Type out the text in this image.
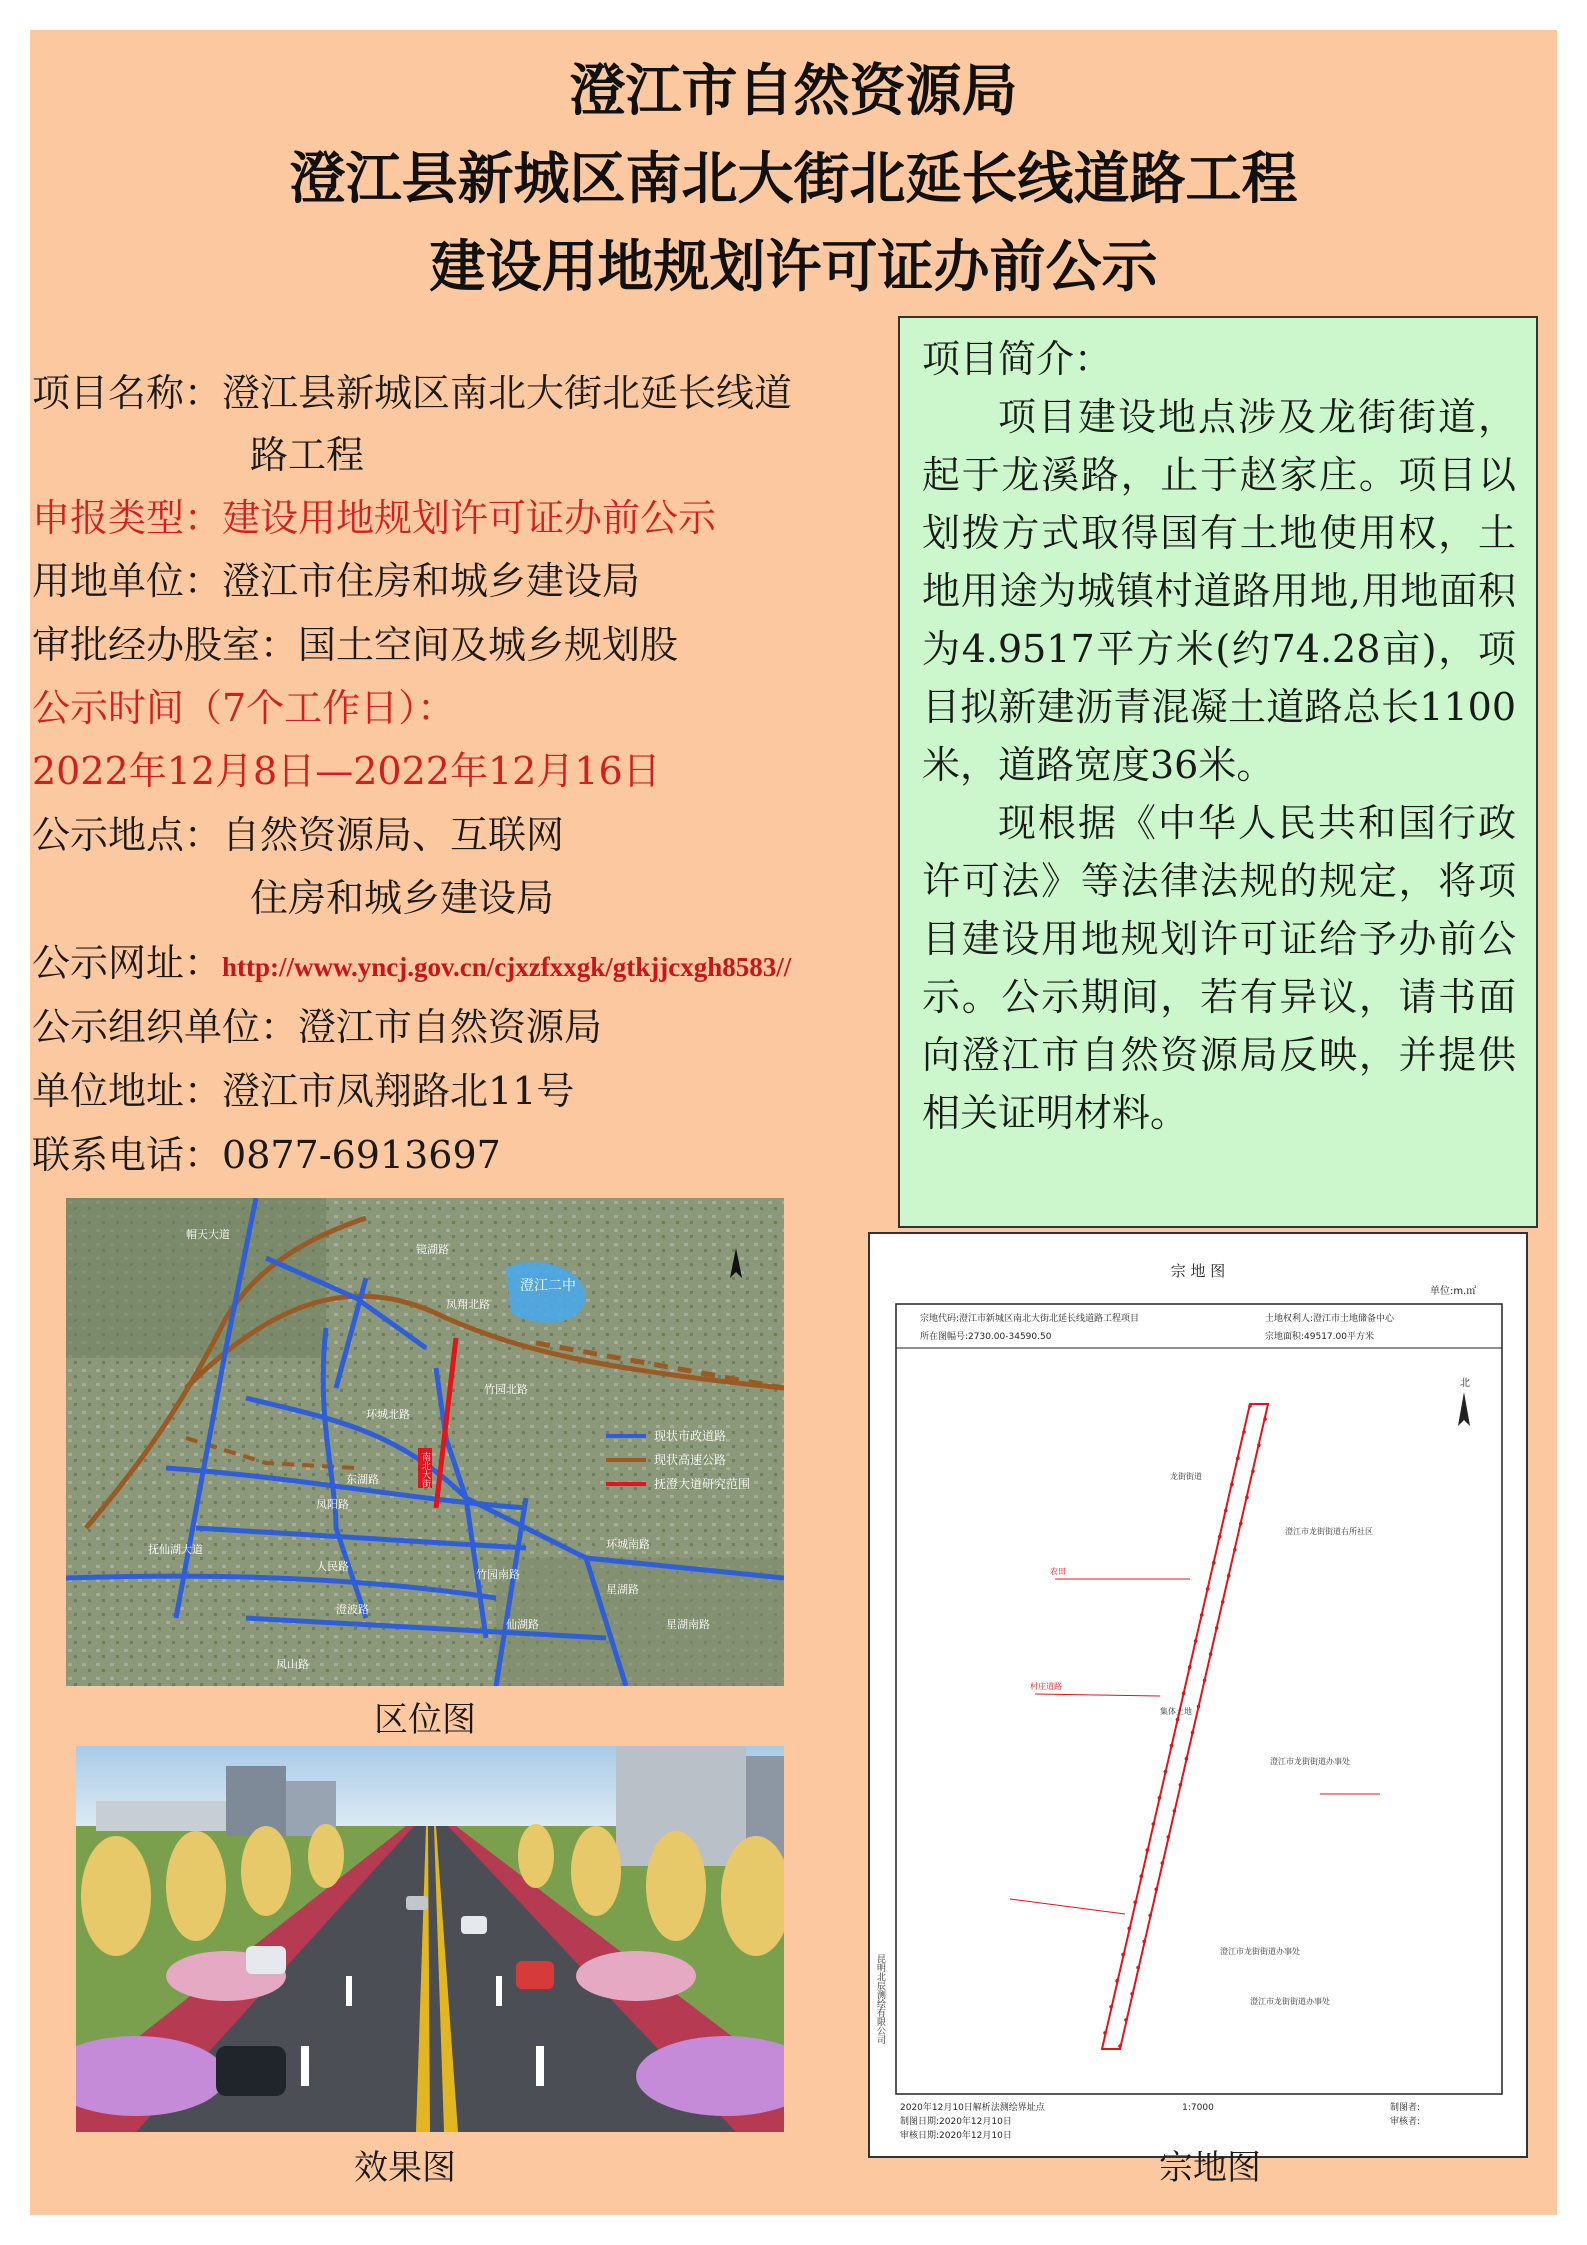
澄江市自然资源局
澄江县新城区南北大街北延长线道路工程
建设用地规划许可证办前公示
项目名称：澄江县新城区南北大街北延长线道
路工程
申报类型：建设用地规划许可证办前公示
用地单位：澄江市住房和城乡建设局
审批经办股室：国土空间及城乡规划股
公示时间（7个工作日）：
2022年12月8日—2022年12月16日
公示地点：自然资源局、互联网
住房和城乡建设局
公示网址：http://www.yncj.gov.cn/cjxzfxxgk/gtkjjcxgh8583//
公示组织单位：澄江市自然资源局
单位地址：澄江市凤翔路北11号
联系电话：0877-6913697

项目简介：

项目建设地点涉及龙街街道，起于龙溪路，止于赵家庄。项目以划拨方式取得国有土地使用权，土地用途为城镇村道路用地,用地面积为4.9517平方米(约74.28亩)，项目拟新建沥青混凝土道路总长1100米，道路宽度36米。

现根据《中华人民共和国行政许可法》等法律法规的规定，将项目建设用地规划许可证给予办前公示。公示期间，若有异议，请书面向澄江市自然资源局反映，并提供相关证明材料。

南北大街
澄江二中
环城北路
竹园北路
人民路
澄波路
凤阳路
抚仙湖大道
仙湖路
星湖路
东湖路
镜湖路
竹园南路
凤翔北路
星湖南路
帽天大道
环城南路
凤山路
现状市政道路
现状高速公路
抚澄大道研究范围
区位图
效果图
宗 地 图
单位:m.㎡
宗地代码:澄江市新城区南北大街北延长线道路工程项目	土地权利人:澄江市土地储备中心
所在图幅号:2730.00-34590.50	宗地面积:49517.00平方米
北
龙街街道
农田
村庄道路
集体土地
澄江市龙街街道右所社区
澄江市龙街街道办事处
澄江市龙街街道办事处
澄江市龙街街道办事处
昆明北辰测绘有限公司
2020年12月10日解析法测绘界址点
制图日期:2020年12月10日
审核日期:2020年12月10日
1:7000	制图者:
审核者:
宗地图
